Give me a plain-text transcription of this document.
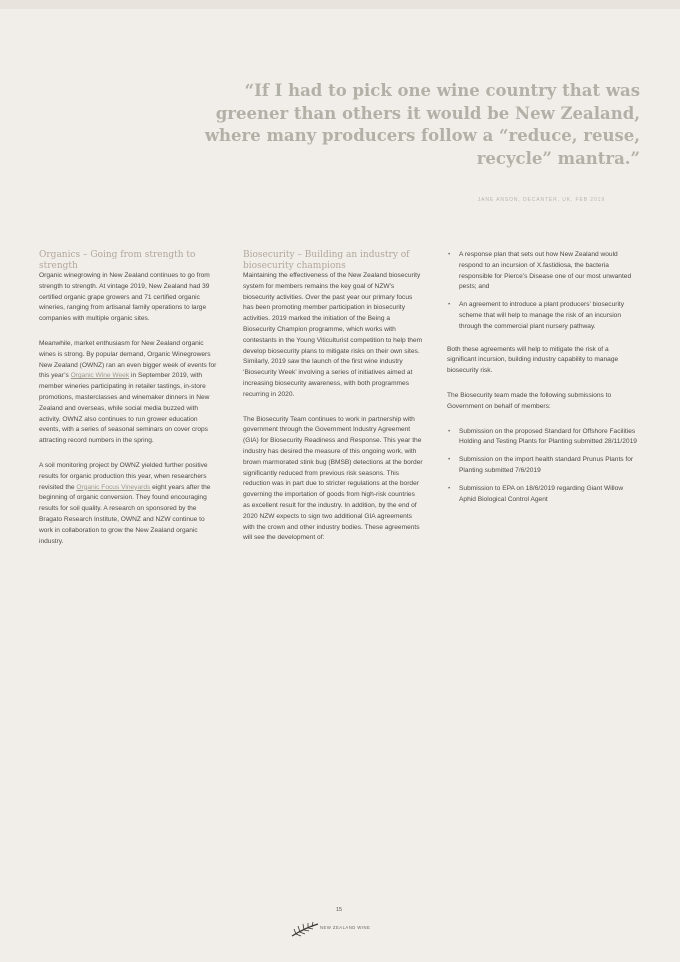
“If I had to pick one wine country that was greener than others it would be New Zealand, where many producers follow a “reduce, reuse, recycle” mantra.”
JANE ANSON, DECANTER, UK, FEB 2019
Organics – Going from strength to strength

Organic winegrowing in New Zealand continues to go from strength to strength. At vintage 2019, New Zealand had 39 certified organic grape growers and 71 certified organic wineries, ranging from artisanal family operations to large companies with multiple organic sites.

Meanwhile, market enthusiasm for New Zealand organic wines is strong. By popular demand, Organic Winegrowers New Zealand (OWNZ) ran an even bigger week of events for this year’s Organic Wine Week in September 2019, with member wineries participating in retailer tastings, in-store promotions, masterclasses and winemaker dinners in New Zealand and overseas, while social media buzzed with activity. OWNZ also continues to run grower education events, with a series of seasonal seminars on cover crops attracting record numbers in the spring.

A soil monitoring project by OWNZ yielded further positive results for organic production this year, when researchers revisited the Organic Focus Vineyards eight years after the beginning of organic conversion. They found encouraging results for soil quality. A research on sponsored by the Bragato Research Institute, OWNZ and NZW continue to work in collaboration to grow the New Zealand organic industry.

Biosecurity – Building an industry of biosecurity champions

Maintaining the effectiveness of the New Zealand biosecurity system for members remains the key goal of NZW’s biosecurity activities. Over the past year our primary focus has been promoting member participation in biosecurity activities. 2019 marked the initiation of the Being a Biosecurity Champion programme, which works with contestants in the Young Viticulturist competition to help them develop biosecurity plans to mitigate risks on their own sites. Similarly, 2019 saw the launch of the first wine industry ‘Biosecurity Week’ involving a series of initiatives aimed at increasing biosecurity awareness, with both programmes recurring in 2020.

The Biosecurity Team continues to work in partnership with government through the Government Industry Agreement (GIA) for Biosecurity Readiness and Response. This year the industry has desired the measure of this ongoing work, with brown marmorated stink bug (BMSB) detections at the border significantly reduced from previous risk seasons. This reduction was in part due to stricter regulations at the border governing the importation of goods from high-risk countries as excellent result for the industry. In addition, by the end of 2020 NZW expects to sign two additional GIA agreements with the crown and other industry bodies. These agreements will see the development of:

• A response plan that sets out how New Zealand would respond to an incursion of X.fastidiosa, the bacteria responsible for Pierce’s Disease one of our most unwanted pests; and
• An agreement to introduce a plant producers’ biosecurity scheme that will help to manage the risk of an incursion through the commercial plant nursery pathway.

Both these agreements will help to mitigate the risk of a significant incursion, building industry capability to manage biosecurity risk.

The Biosecurity team made the following submissions to Government on behalf of members:

• Submission on the proposed Standard for Offshore Facilities Holding and Testing Plants for Planting submitted 28/11/2019
• Submission on the import health standard Prunus Plants for Planting submitted 7/6/2019
• Submission to EPA on 18/6/2019 regarding Giant Willow Aphid Biological Control Agent
15
NEW ZEALAND WINE
